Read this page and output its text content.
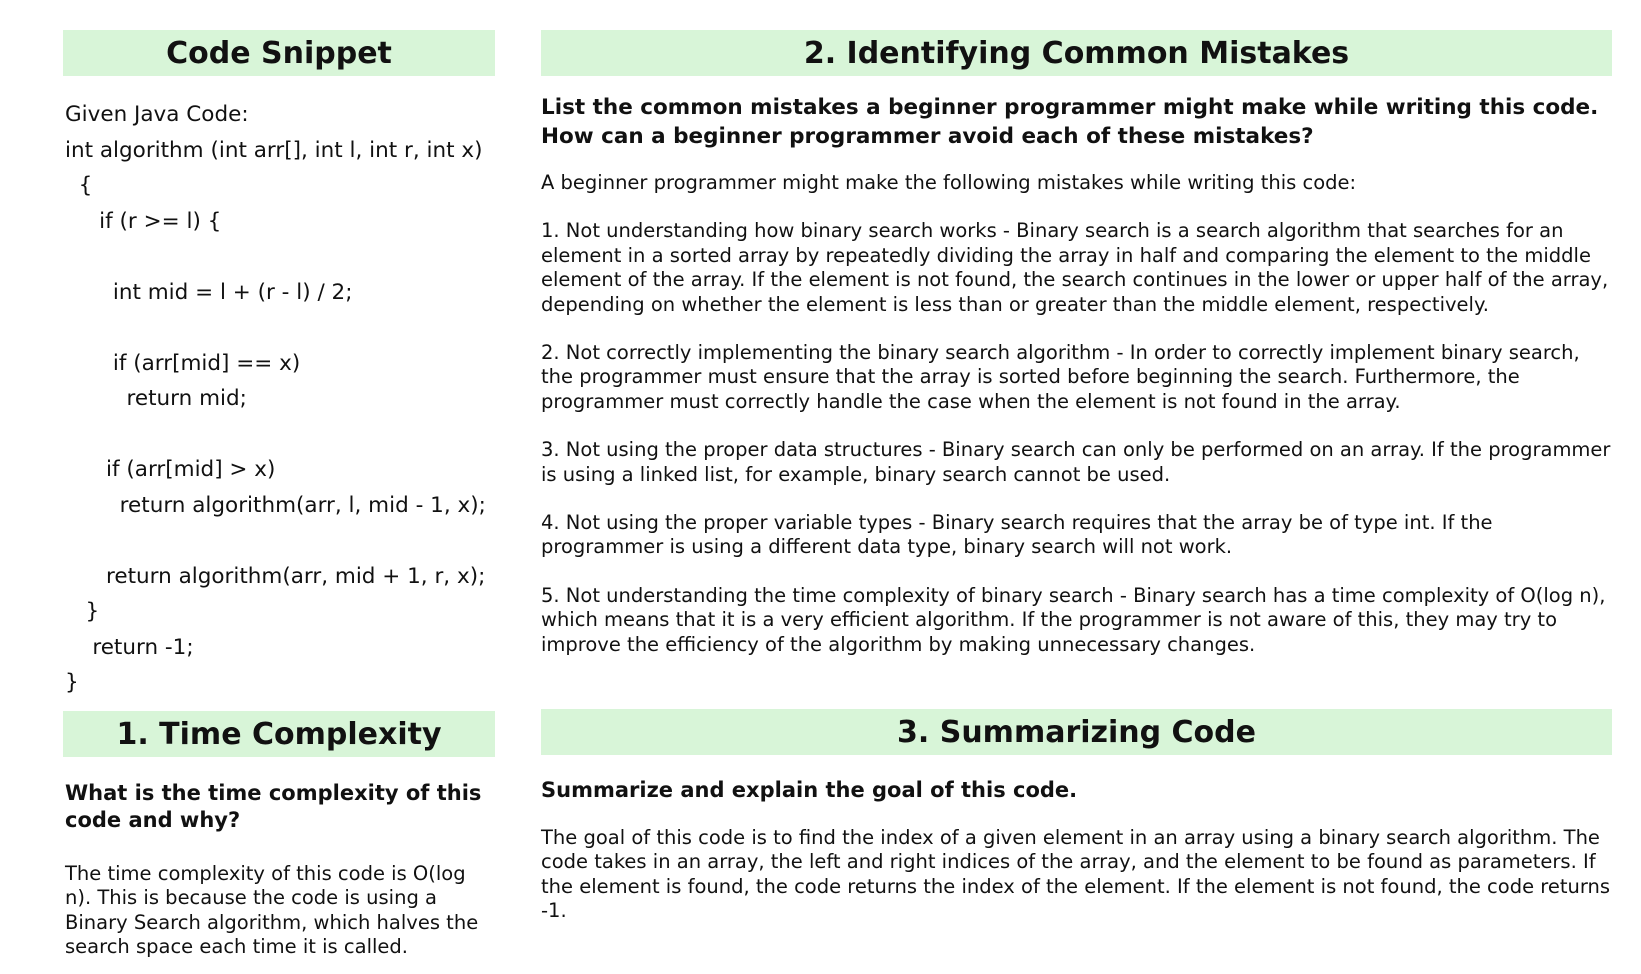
Code Snippet
Given Java Code:
int algorithm (int arr[], int l, int r, int x)
{
if (r >= l) {
int mid = l + (r - l) / 2;
if (arr[mid] == x)
return mid;
if (arr[mid] > x)
return algorithm(arr, l, mid - 1, x);
return algorithm(arr, mid + 1, r, x);
}
return -1;
}
1. Time Complexity
What is the time complexity of this code and why?

The time complexity of this code is O(log n). This is because the code is using a Binary Search algorithm, which halves the search space each time it is called.

2. Identifying Common Mistakes
List the common mistakes a beginner programmer might make while writing this code. How can a beginner programmer avoid each of these mistakes?

A beginner programmer might make the following mistakes while writing this code:

1. Not understanding how binary search works - Binary search is a search algorithm that searches for an element in a sorted array by repeatedly dividing the array in half and comparing the element to the middle element of the array. If the element is not found, the search continues in the lower or upper half of the array, depending on whether the element is less than or greater than the middle element, respectively.

2. Not correctly implementing the binary search algorithm - In order to correctly implement binary search, the programmer must ensure that the array is sorted before beginning the search. Furthermore, the programmer must correctly handle the case when the element is not found in the array.

3. Not using the proper data structures - Binary search can only be performed on an array. If the programmer is using a linked list, for example, binary search cannot be used.

4. Not using the proper variable types - Binary search requires that the array be of type int. If the programmer is using a different data type, binary search will not work.

5. Not understanding the time complexity of binary search - Binary search has a time complexity of O(log n), which means that it is a very efficient algorithm. If the programmer is not aware of this, they may try to improve the efficiency of the algorithm by making unnecessary changes.

3. Summarizing Code
Summarize and explain the goal of this code.

The goal of this code is to find the index of a given element in an array using a binary search algorithm. The code takes in an array, the left and right indices of the array, and the element to be found as parameters. If the element is found, the code returns the index of the element. If the element is not found, the code returns -1.
